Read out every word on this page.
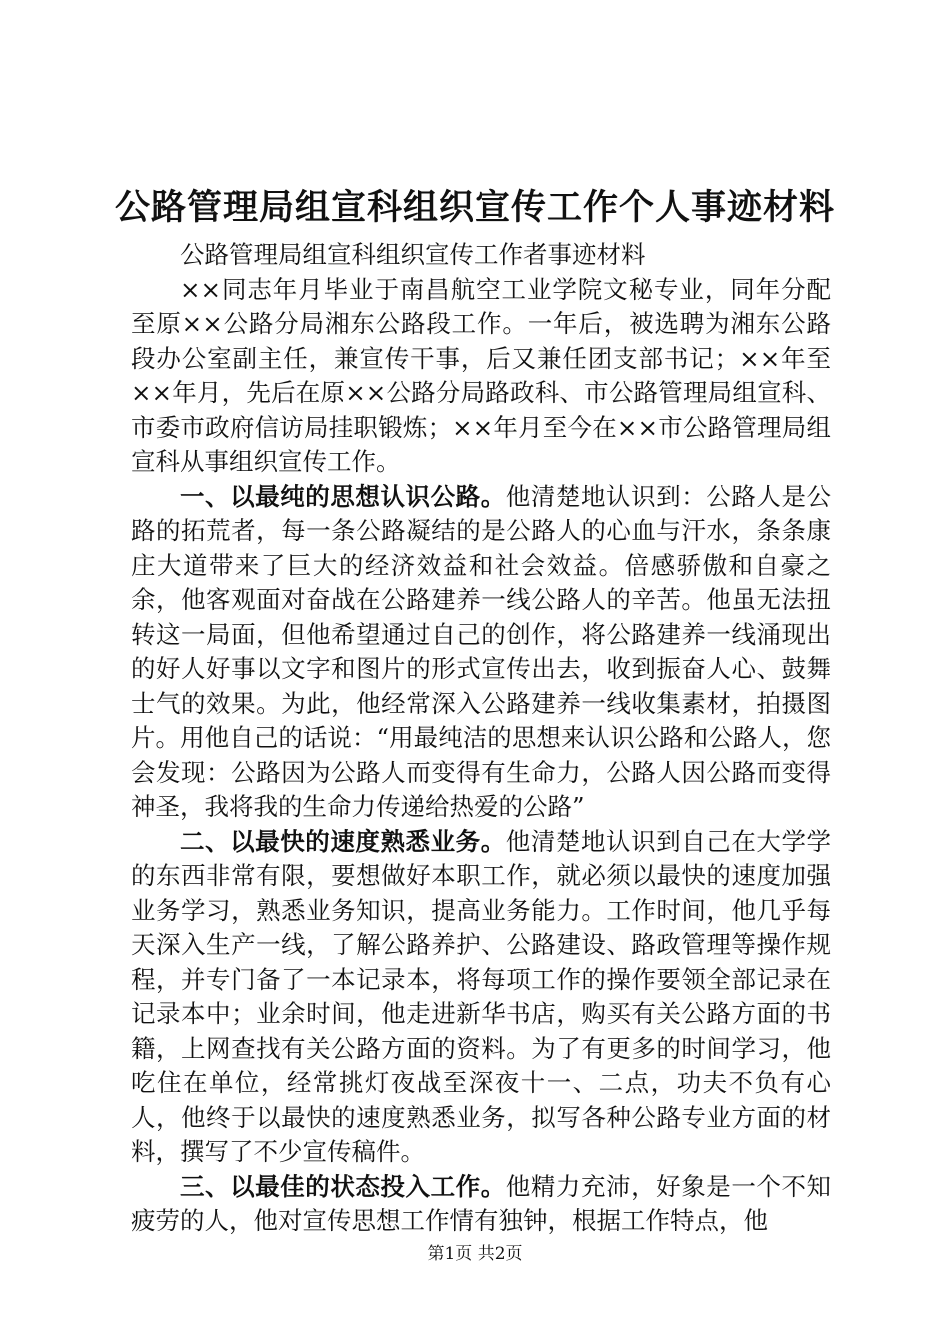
公路管理局组宣科组织宣传工作个人事迹材料

公路管理局组宣科组织宣传工作者事迹材料

××同志年月毕业于南昌航空工业学院文秘专业，同年分配至原××公路分局湘东公路段工作。一年后，被选聘为湘东公路段办公室副主任，兼宣传干事，后又兼任团支部书记；××年至××年月，先后在原××公路分局路政科、市公路管理局组宣科、市委市政府信访局挂职锻炼；××年月至今在××市公路管理局组宣科从事组织宣传工作。

一、以最纯的思想认识公路。他清楚地认识到：公路人是公路的拓荒者，每一条公路凝结的是公路人的心血与汗水，条条康庄大道带来了巨大的经济效益和社会效益。倍感骄傲和自豪之余，他客观面对奋战在公路建养一线公路人的辛苦。他虽无法扭转这一局面，但他希望通过自己的创作，将公路建养一线涌现出的好人好事以文字和图片的形式宣传出去，收到振奋人心、鼓舞士气的效果。为此，他经常深入公路建养一线收集素材，拍摄图片。用他自己的话说：“用最纯洁的思想来认识公路和公路人，您会发现：公路因为公路人而变得有生命力，公路人因公路而变得神圣，我将我的生命力传递给热爱的公路”

二、以最快的速度熟悉业务。他清楚地认识到自己在大学学的东西非常有限，要想做好本职工作，就必须以最快的速度加强业务学习，熟悉业务知识，提高业务能力。工作时间，他几乎每天深入生产一线，了解公路养护、公路建设、路政管理等操作规程，并专门备了一本记录本，将每项工作的操作要领全部记录在记录本中；业余时间，他走进新华书店，购买有关公路方面的书籍，上网查找有关公路方面的资料。为了有更多的时间学习，他吃住在单位，经常挑灯夜战至深夜十一、二点，功夫不负有心人，他终于以最快的速度熟悉业务，拟写各种公路专业方面的材料，撰写了不少宣传稿件。

三、以最佳的状态投入工作。他精力充沛，好象是一个不知疲劳的人，他对宣传思想工作情有独钟，根据工作特点，他

第1页 共2页
